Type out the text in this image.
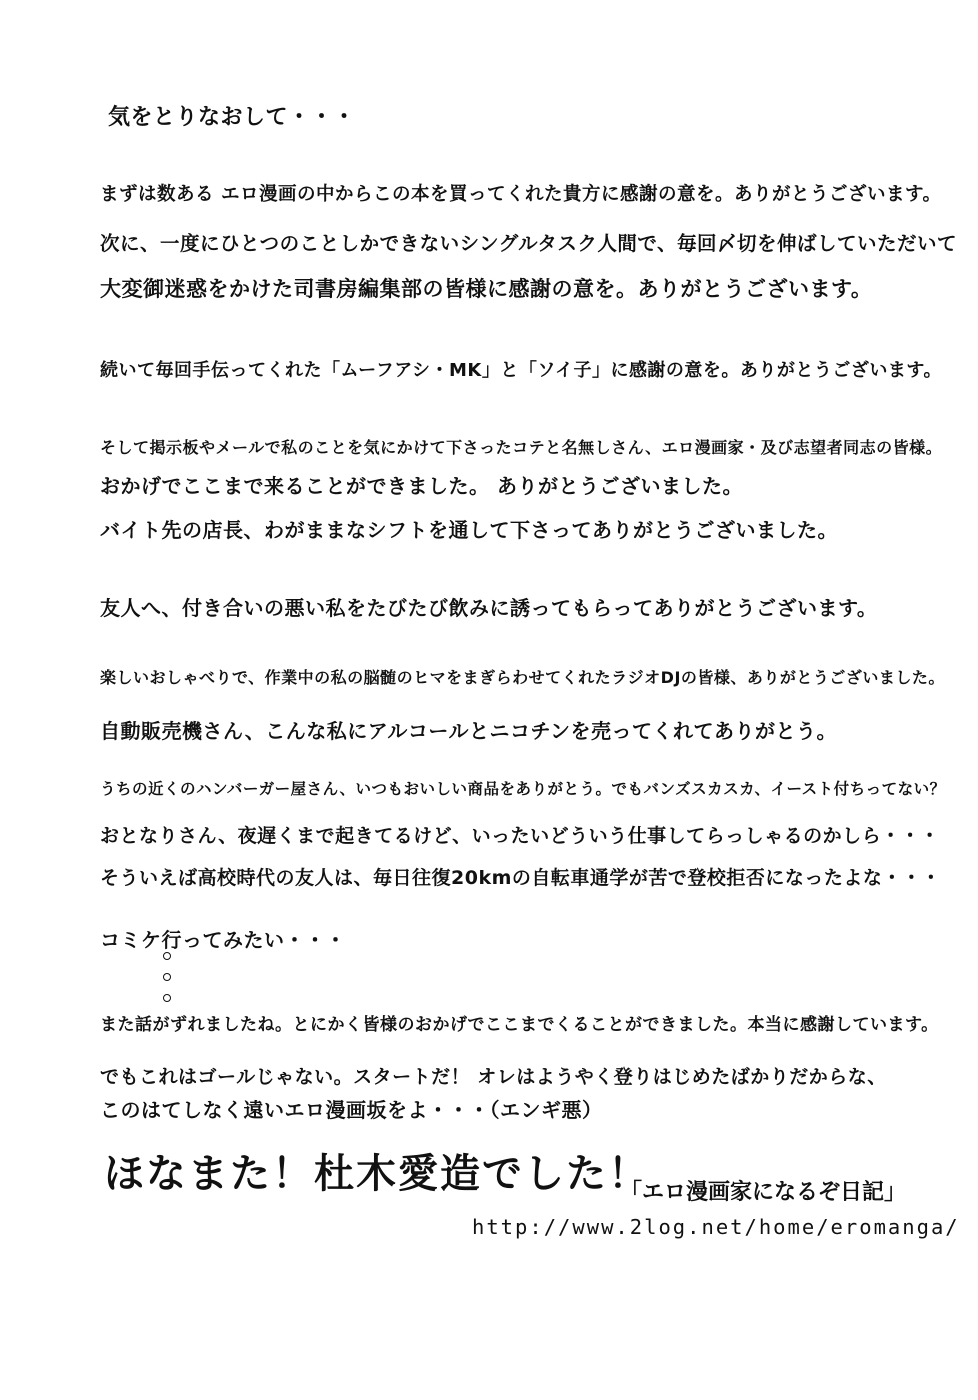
気をとりなおして・・・
まずは数ある エロ漫画の中からこの本を買ってくれた貴方に感謝の意を。ありがとうございます。
次に、一度にひとつのことしかできないシングルタスク人間で、毎回〆切を伸ばしていただいて
大変御迷惑をかけた司書房編集部の皆様に感謝の意を。ありがとうございます。
続いて毎回手伝ってくれた「ムーフアシ・MK」と「ソイ子」に感謝の意を。ありがとうございます。
そして掲示板やメールで私のことを気にかけて下さったコテと名無しさん、エロ漫画家・及び志望者同志の皆様。
おかげでここまで来ることができました。 ありがとうございました。
バイト先の店長、わがままなシフトを通して下さってありがとうございました。
友人へ、付き合いの悪い私をたびたび飲みに誘ってもらってありがとうございます。
楽しいおしゃべりで、作業中の私の脳髄のヒマをまぎらわせてくれたラジオDJの皆様、ありがとうございました。
自動販売機さん、こんな私にアルコールとニコチンを売ってくれてありがとう。
うちの近くのハンバーガー屋さん、いつもおいしい商品をありがとう。でもバンズスカスカ、イースト付ちってない？
おとなりさん、夜遅くまで起きてるけど、いったいどういう仕事してらっしゃるのかしら・・・
そういえば高校時代の友人は、毎日往復20kmの自転車通学が苦で登校拒否になったよな・・・
コミケ行ってみたい・・・
また話がずれましたね。とにかく皆様のおかげでここまでくることができました。本当に感謝しています。
でもこれはゴールじゃない。スタートだ！ オレはようやく登りはじめたばかりだからな、
このはてしなく遠いエロ漫画坂をよ・・・（エンギ悪）
ほなまた！杜木愛造でした！
「エロ漫画家になるぞ日記」
http://www.2log.net/home/eromanga/
